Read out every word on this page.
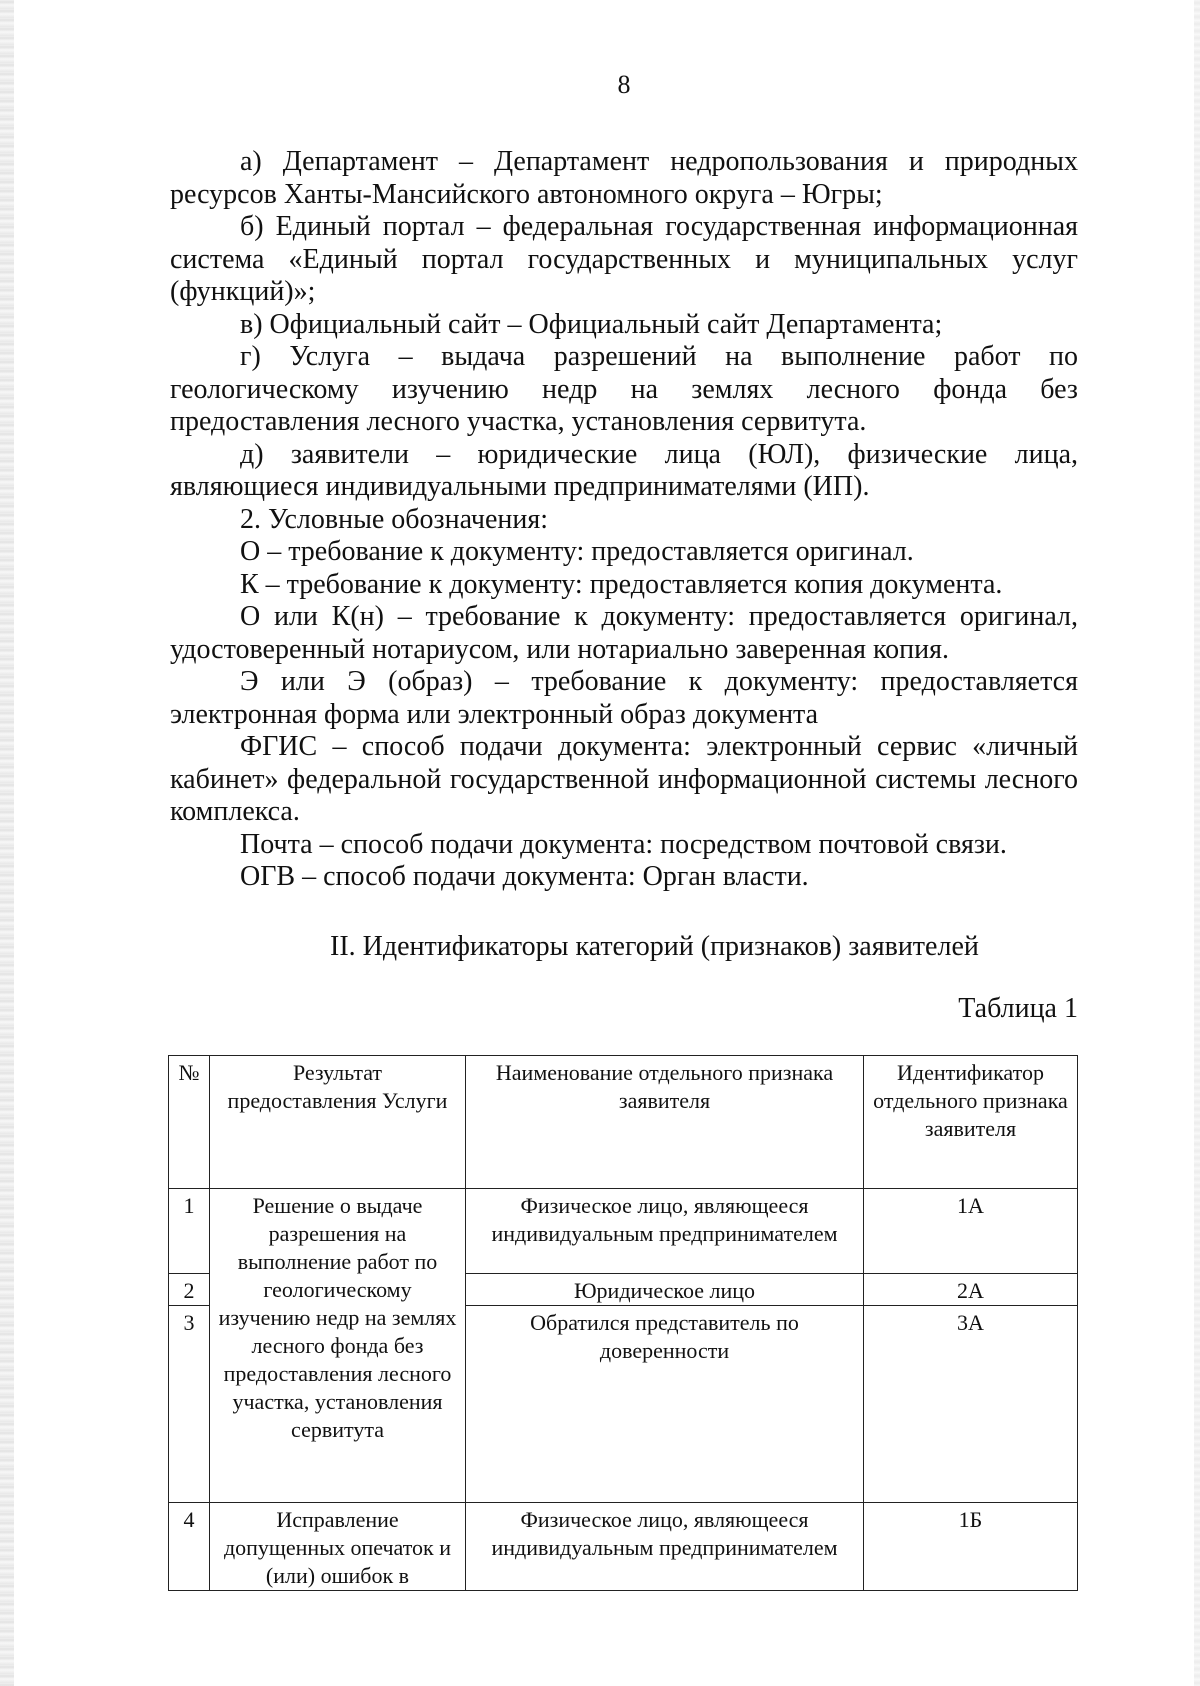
8

а) Департамент – Департамент недропользования и природных ресурсов Ханты-Мансийского автономного округа – Югры;

б) Единый портал – федеральная государственная информационная система «Единый портал государственных и муниципальных услуг (функций)»;

в) Официальный сайт – Официальный сайт Департамента;

г) Услуга – выдача разрешений на выполнение работ по геологическому изучению недр на землях лесного фонда без предоставления лесного участка, установления сервитута.

д) заявители – юридические лица (ЮЛ), физические лица, являющиеся индивидуальными предпринимателями (ИП).

2. Условные обозначения:

О – требование к документу: предоставляется оригинал.

К – требование к документу: предоставляется копия документа.

О или К(н) – требование к документу: предоставляется оригинал, удостоверенный нотариусом, или нотариально заверенная копия.

Э или Э (образ) – требование к документу: предоставляется электронная форма или электронный образ документа

ФГИС – способ подачи документа: электронный сервис «личный кабинет» федеральной государственной информационной системы лесного комплекса.

Почта – способ подачи документа: посредством почтовой связи.

ОГВ – способ подачи документа: Орган власти.

II. Идентификаторы категорий (признаков) заявителей
Таблица 1
№	Результат предоставления Услуги	Наименование отдельного признака заявителя	Идентификатор отдельного признака заявителя
1	Решение о выдаче разрешения на выполнение работ по геологическому изучению недр на землях лесного фонда без предоставления лесного участка, установления сервитута	Физическое лицо, являющееся индивидуальным предпринимателем	1А
2		Юридическое лицо	2А
3		Обратился представитель по доверенности	3А
4	Исправление допущенных опечаток и (или) ошибок в	Физическое лицо, являющееся индивидуальным предпринимателем	1Б
